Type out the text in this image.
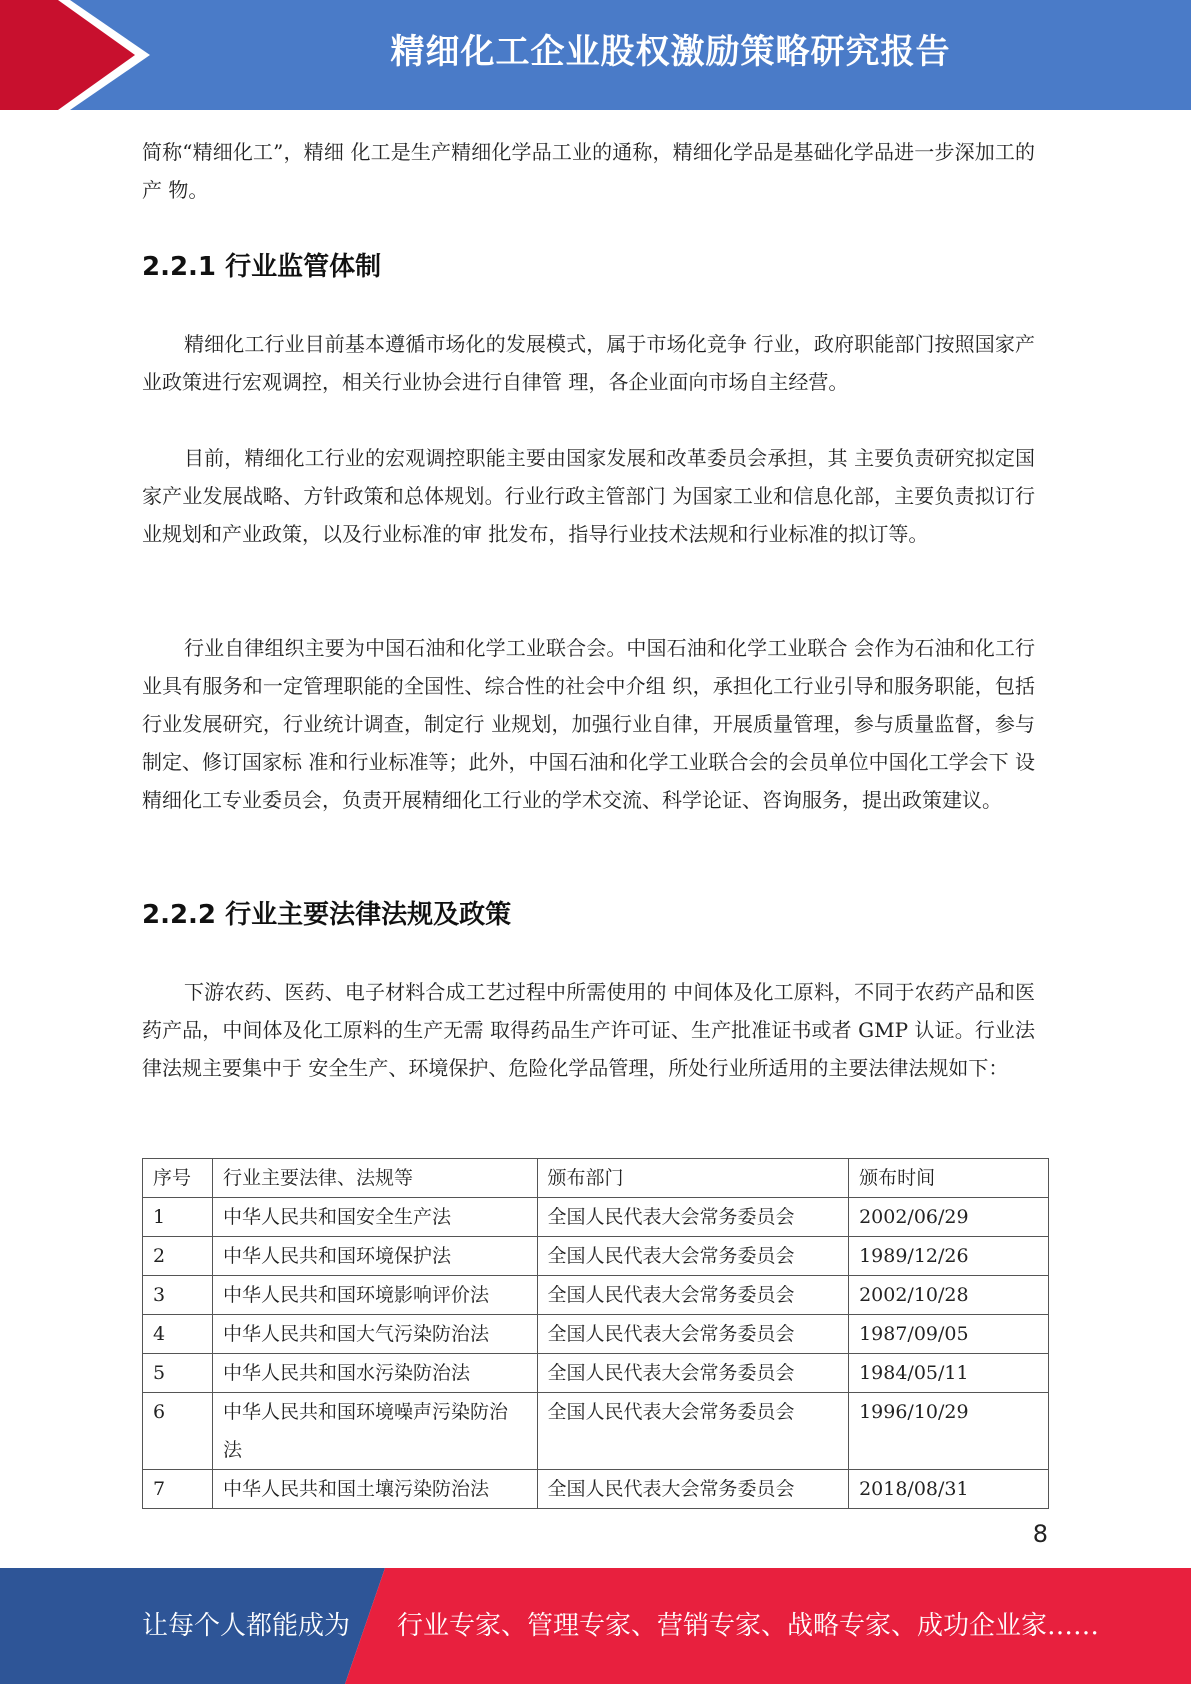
精细化工企业股权激励策略研究报告

简称“精细化工”，精细 化工是生产精细化学品工业的通称，精细化学品是基础化学品进一步深加工的产 物。

2.2.1 行业监管体制

精细化工行业目前基本遵循市场化的发展模式，属于市场化竞争 行业，政府职能部门按照国家产业政策进行宏观调控，相关行业协会进行自律管 理，各企业面向市场自主经营。

目前，精细化工行业的宏观调控职能主要由国家发展和改革委员会承担，其 主要负责研究拟定国家产业发展战略、方针政策和总体规划。行业行政主管部门 为国家工业和信息化部，主要负责拟订行业规划和产业政策，以及行业标准的审 批发布，指导行业技术法规和行业标准的拟订等。

行业自律组织主要为中国石油和化学工业联合会。中国石油和化学工业联合 会作为石油和化工行业具有服务和一定管理职能的全国性、综合性的社会中介组 织，承担化工行业引导和服务职能，包括行业发展研究，行业统计调查，制定行 业规划，加强行业自律，开展质量管理，参与质量监督，参与制定、修订国家标 准和行业标准等；此外，中国石油和化学工业联合会的会员单位中国化工学会下 设精细化工专业委员会，负责开展精细化工行业的学术交流、科学论证、咨询服务，提出政策建议。

2.2.2 行业主要法律法规及政策

下游农药、医药、电子材料合成工艺过程中所需使用的 中间体及化工原料，不同于农药产品和医药产品，中间体及化工原料的生产无需 取得药品生产许可证、生产批准证书或者 GMP 认证。行业法律法规主要集中于 安全生产、环境保护、危险化学品管理，所处行业所适用的主要法律法规如下：

序号	行业主要法律、法规等	颁布部门	颁布时间
1	中华人民共和国安全生产法	全国人民代表大会常务委员会	2002/06/29
2	中华人民共和国环境保护法	全国人民代表大会常务委员会	1989/12/26
3	中华人民共和国环境影响评价法	全国人民代表大会常务委员会	2002/10/28
4	中华人民共和国大气污染防治法	全国人民代表大会常务委员会	1987/09/05
5	中华人民共和国水污染防治法	全国人民代表大会常务委员会	1984/05/11
6	中华人民共和国环境噪声污染防治法	全国人民代表大会常务委员会	1996/10/29
7	中华人民共和国土壤污染防治法	全国人民代表大会常务委员会	2018/08/31
8
让每个人都能成为 行业专家、管理专家、营销专家、战略专家、成功企业家……
